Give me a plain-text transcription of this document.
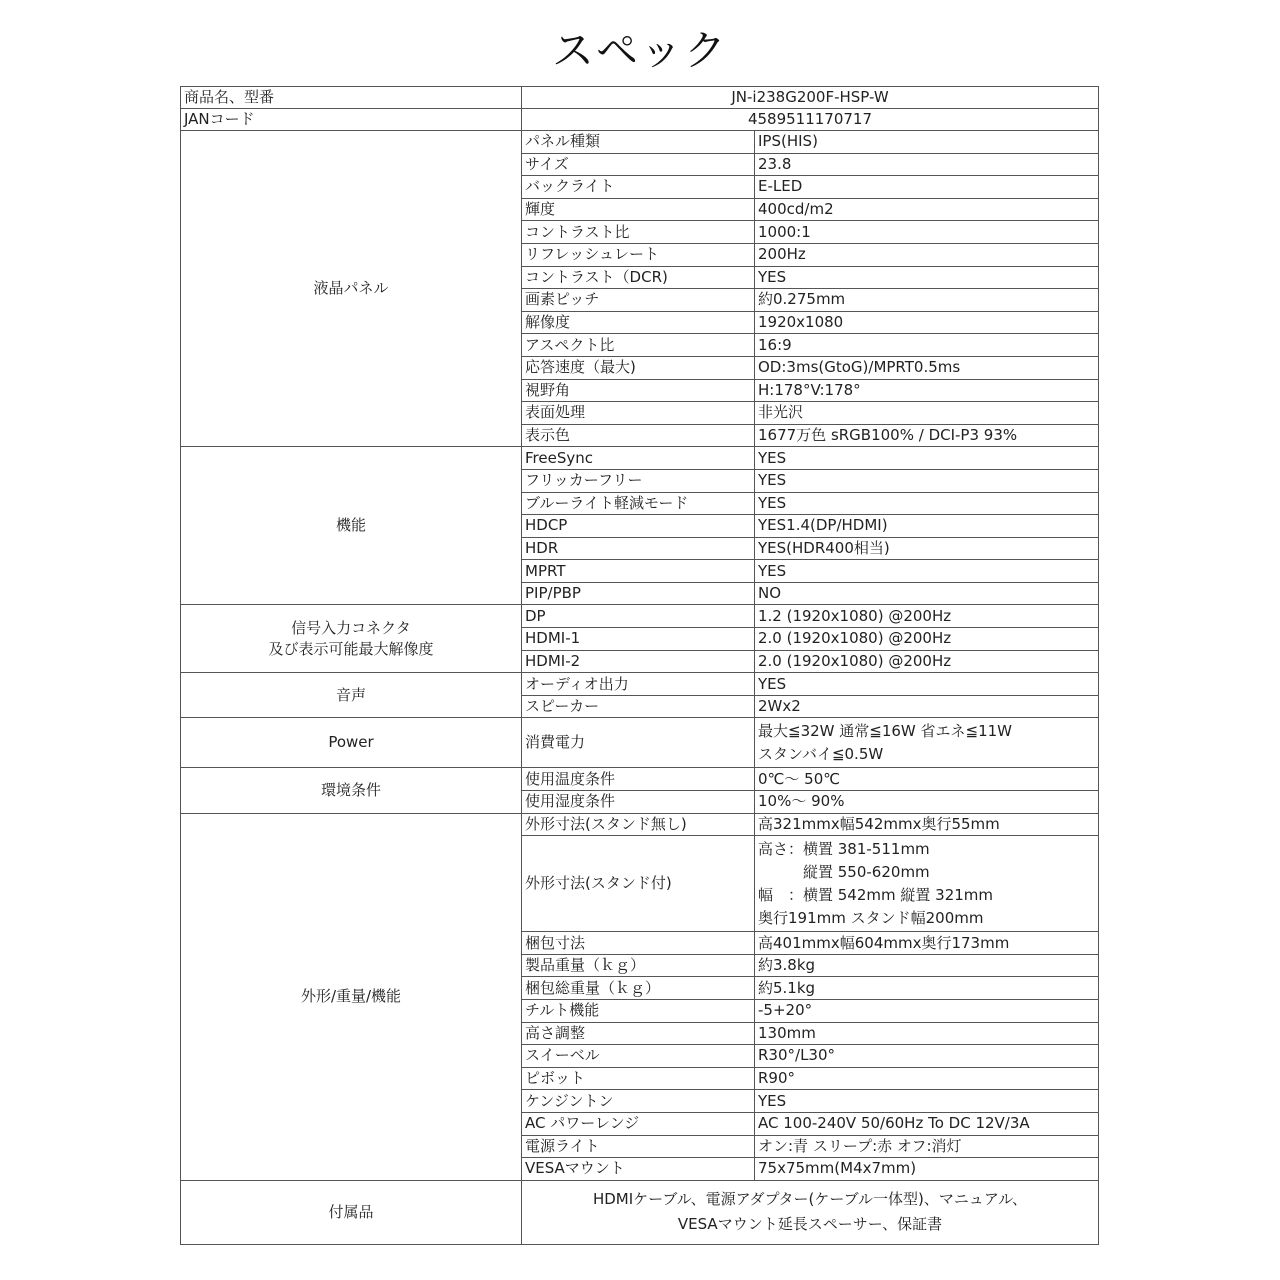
スペック
商品名、型番	JN-i238G200F-HSP-W	
JANコード	4589511170717	
液晶パネル	パネル種類	IPS(HIS)
	サイズ	23.8
	バックライト	E-LED
	輝度	400cd/m2
	コントラスト比	1000:1
	リフレッシュレート	200Hz
	コントラスト（DCR)	YES
	画素ピッチ	約0.275mm
	解像度	1920x1080
	アスペクト比	16:9
	応答速度（最大)	OD:3ms(GtoG)/MPRT0.5ms
	視野角	H:178°V:178°
	表面処理	非光沢
	表示色	1677万色 sRGB100% / DCI-P3 93%
機能	FreeSync	YES
	フリッカーフリー	YES
	ブルーライト軽減モード	YES
	HDCP	YES1.4(DP/HDMI)
	HDR	YES(HDR400相当)
	MPRT	YES
	PIP/PBP	NO

信号入力コネクタ
及び表示可能最大解像度	DP	1.2 (1920x1080) @200Hz
	HDMI-1	2.0 (1920x1080) @200Hz
	HDMI-2	2.0 (1920x1080) @200Hz
音声	オーディオ出力	YES
	スピーカー	2Wx2
Power	消費電力	最大≦32W 通常≦16W 省エネ≦11W
スタンバイ≦0.5W

環境条件	使用温度条件	0℃～ 50℃
	使用湿度条件	10%～ 90%
外形/重量/機能	外形寸法(スタンド無し)	高321mmx幅542mmx奥行55mm
	外形寸法(スタンド付)	高さ：横置 381-511mm
　　　縦置 550-620mm
幅　：横置 542mm 縦置 321mm
奥行191mm スタンド幅200mm

	梱包寸法	高401mmx幅604mmx奥行173mm
	製品重量（ｋｇ）	約3.8kg
	梱包総重量（ｋｇ）	約5.1kg
	チルト機能	-5+20°
	高さ調整	130mm
	スイーベル	R30°/L30°
	ピボット	R90°
	ケンジントン	YES
	AC パワーレンジ	AC 100-240V 50/60Hz To DC 12V/3A
	電源ライト	オン:青 スリープ:赤 オフ:消灯
	VESAマウント	75x75mm(M4x7mm)
付属品	HDMIケーブル、電源アダプター(ケーブル一体型)、マニュアル、
VESAマウント延長スペーサー、保証書	
